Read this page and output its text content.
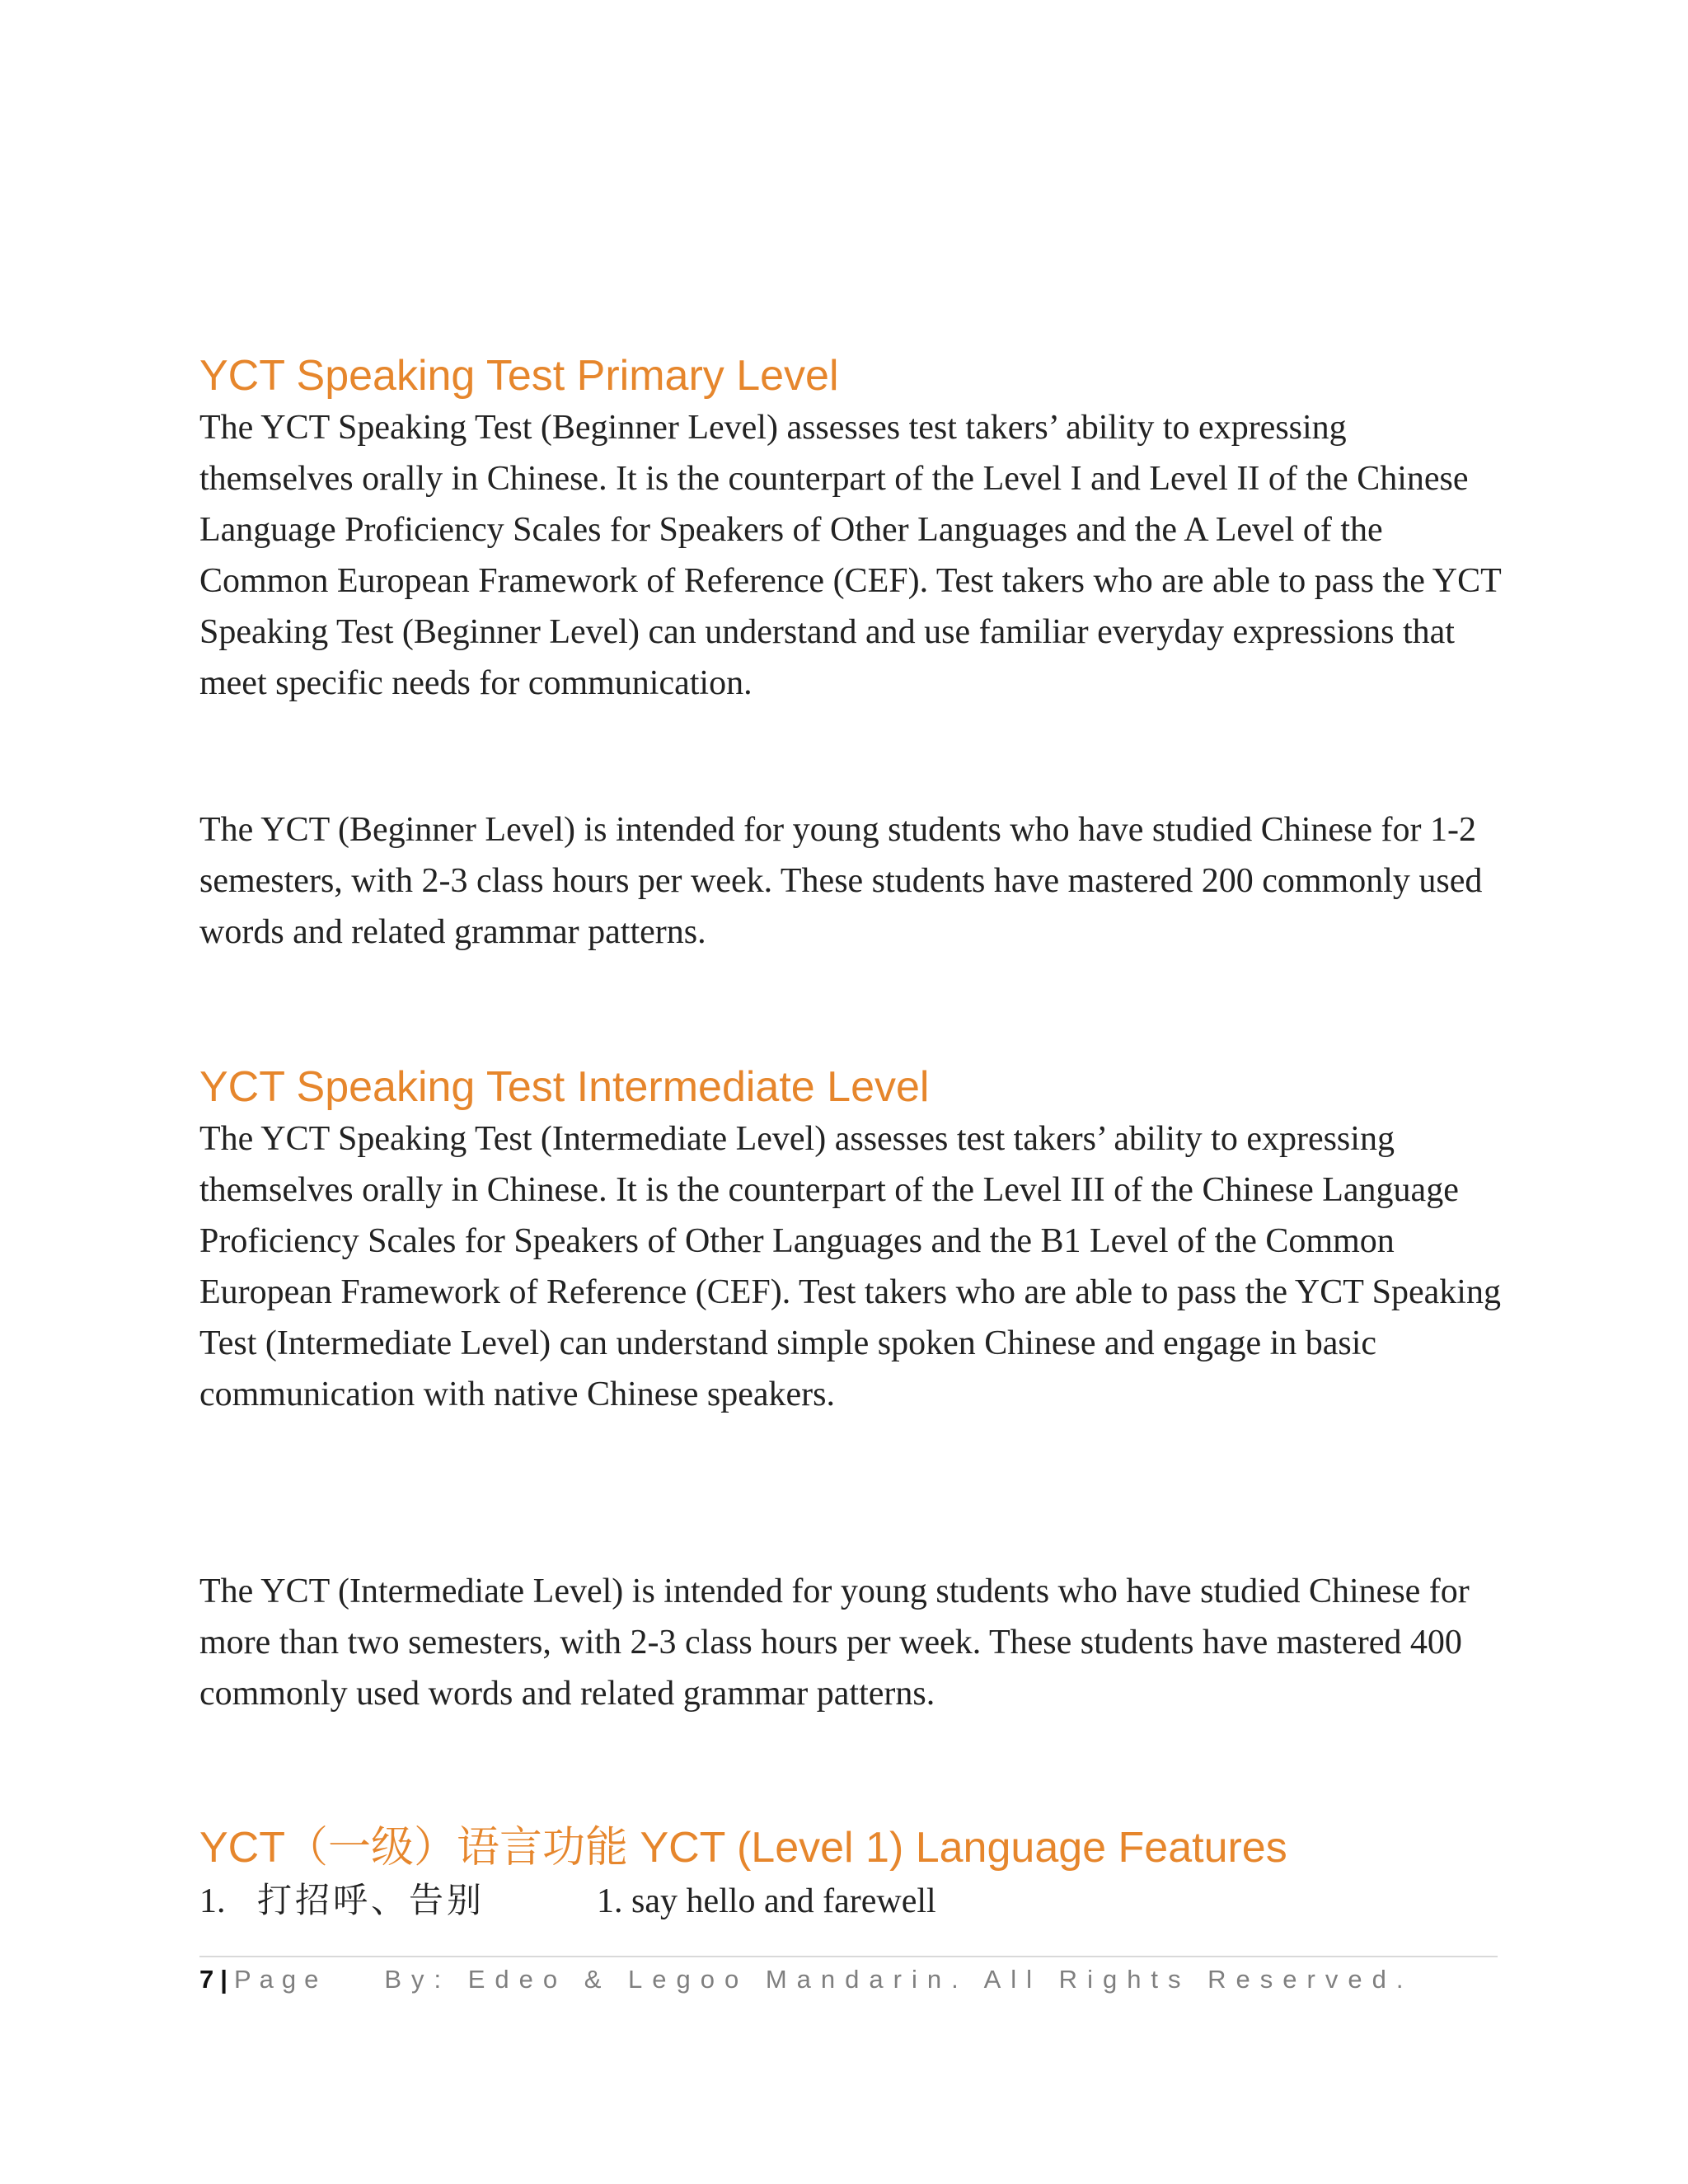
YCT Speaking Test Primary Level

The YCT Speaking Test (Beginner Level) assesses test takers’ ability to expressing themselves orally in Chinese. It is the counterpart of the Level I and Level II of the Chinese Language Proficiency Scales for Speakers of Other Languages and the A Level of the Common European Framework of Reference (CEF). Test takers who are able to pass the YCT Speaking Test (Beginner Level) can understand and use familiar everyday expressions that meet specific needs for communication.

The YCT (Beginner Level) is intended for young students who have studied Chinese for 1-2 semesters, with 2-3 class hours per week. These students have mastered 200 commonly used words and related grammar patterns.

YCT Speaking Test Intermediate Level

The YCT Speaking Test (Intermediate Level) assesses test takers’ ability to expressing themselves orally in Chinese. It is the counterpart of the Level III of the Chinese Language Proficiency Scales for Speakers of Other Languages and the B1 Level of the Common European Framework of Reference (CEF). Test takers who are able to pass the YCT Speaking Test (Intermediate Level) can understand simple spoken Chinese and engage in basic communication with native Chinese speakers.

The YCT (Intermediate Level) is intended for young students who have studied Chinese for more than two semesters, with 2-3 class hours per week. These students have mastered 400 commonly used words and related grammar patterns.

YCT（一级）语言功能 YCT (Level 1) Language Features
1. 打招呼、告别	1. say hello and farewell
7 | Page By: Edeo & Legoo Mandarin. All Rights Reserved.
